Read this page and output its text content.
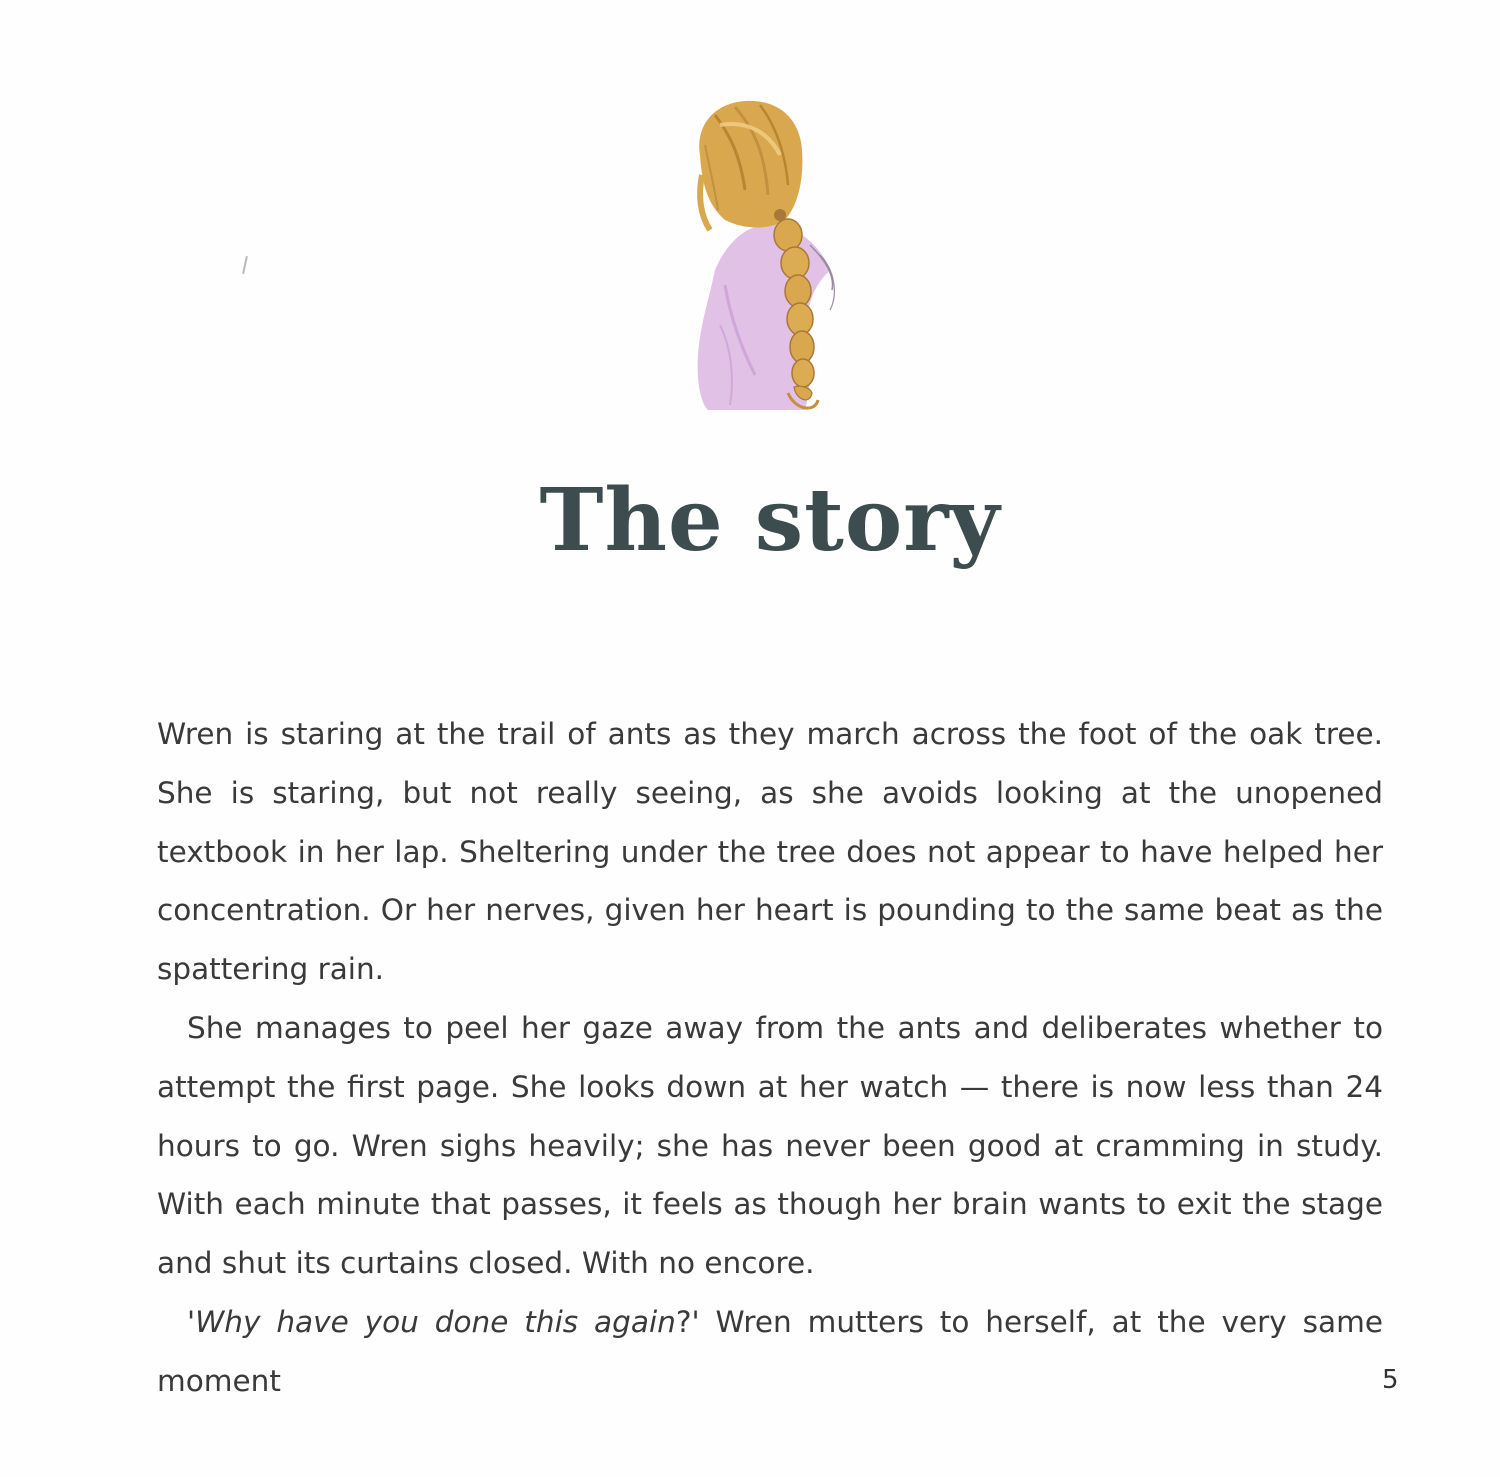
The story

Wren is staring at the trail of ants as they march across the foot of the oak tree. She is staring, but not really seeing, as she avoids looking at the unopened textbook in her lap. Sheltering under the tree does not appear to have helped her concentration. Or her nerves, given her heart is pounding to the same beat as the spattering rain.

She manages to peel her gaze away from the ants and deliberates whether to attempt the first page. She looks down at her watch — there is now less than 24 hours to go. Wren sighs heavily; she has never been good at cramming in study. With each minute that passes, it feels as though her brain wants to exit the stage and shut its curtains closed. With no encore.

'Why have you done this again?' Wren mutters to herself, at the very same moment	5
